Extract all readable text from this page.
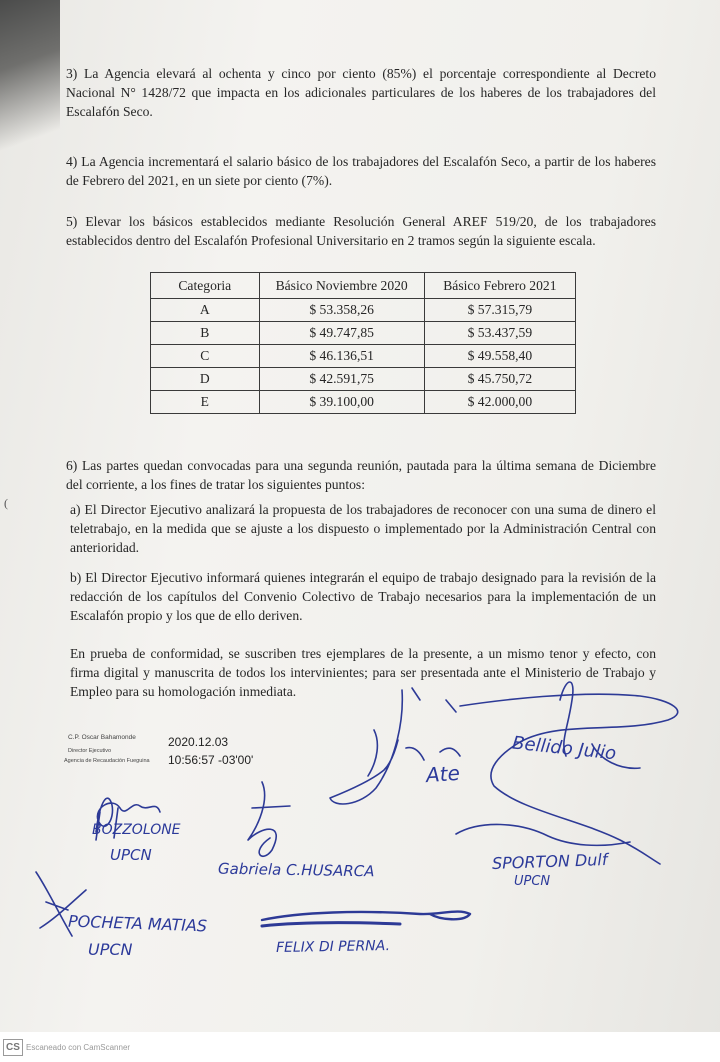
3) La Agencia elevará al ochenta y cinco por ciento (85%) el porcentaje correspondiente al Decreto Nacional N° 1428/72 que impacta en los adicionales particulares de los haberes de los trabajadores del Escalafón Seco.
4) La Agencia incrementará el salario básico de los trabajadores del Escalafón Seco, a partir de los haberes de Febrero del 2021, en un siete por ciento (7%).
5) Elevar los básicos establecidos mediante Resolución General AREF 519/20, de los trabajadores establecidos dentro del Escalafón Profesional Universitario en 2 tramos según la siguiente escala.
Categoria	Básico Noviembre 2020	Básico Febrero 2021
A	$ 53.358,26	$ 57.315,79
B	$ 49.747,85	$ 53.437,59
C	$ 46.136,51	$ 49.558,40
D	$ 42.591,75	$ 45.750,72
E	$ 39.100,00	$ 42.000,00
6) Las partes quedan convocadas para una segunda reunión, pautada para la última semana de Diciembre del corriente, a los fines de tratar los siguientes puntos:
(	a) El Director Ejecutivo analizará la propuesta de los trabajadores de reconocer con una suma de dinero el teletrabajo, en la medida que se ajuste a los dispuesto o implementado por la Administración Central con anterioridad.
b) El Director Ejecutivo informará quienes integrarán el equipo de trabajo designado para la revisión de la redacción de los capítulos del Convenio Colectivo de Trabajo necesarios para la implementación de un Escalafón propio y los que de ello deriven.
En prueba de conformidad, se suscriben tres ejemplares de la presente, a un mismo tenor y efecto, con firma digital y manuscrita de todos los intervinientes; para ser presentada ante el Ministerio de Trabajo y Empleo para su homologación inmediata.
C.P. Oscar Bahamonde
Director Ejecutivo
Agencia de Recaudación Fueguina
2020.12.03
10:56:57 -03'00'
BOZZOLONE
UPCN
Gabriela C.HUSARCA
Ate
Bellido Julio
SPORTON Dulf
UPCN
POCHETA MATIAS
UPCN	FELIX DI PERNA.
CS Escaneado con CamScanner
